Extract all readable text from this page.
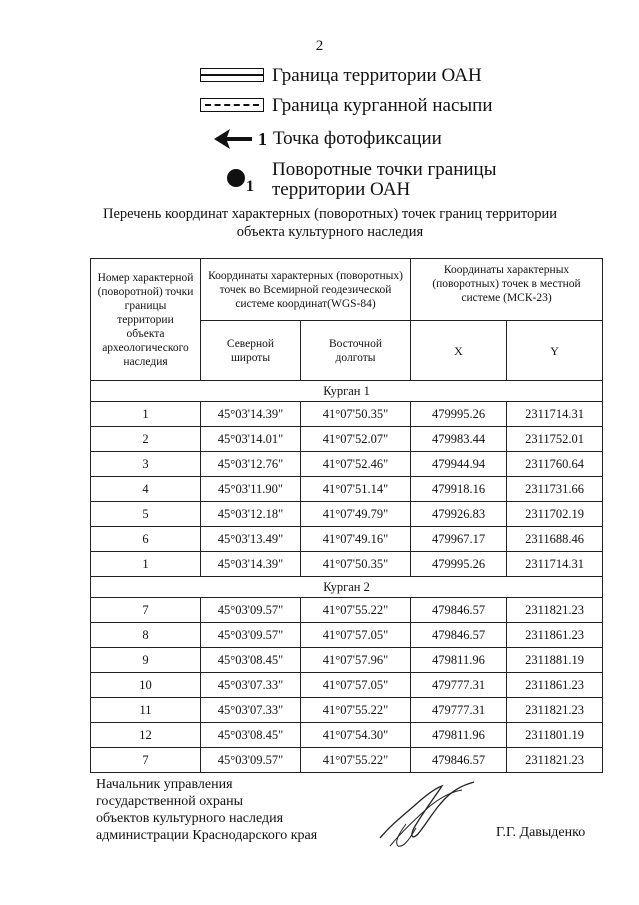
2
Граница территории ОАН
Граница курганной насыпи
1 Точка фотофиксации
1
Поворотные точки границы
территории ОАН
Перечень координат характерных (поворотных) точек границ территории
объекта культурного наследия
Номер характерной (поворотной) точки границы территории объекта археологического наследия	Координаты характерных (поворотных) точек во Всемирной геодезической системе координат(WGS-84)		Координаты характерных (поворотных) точек в местной системе (МСК-23)	
	Северной широты	Восточной долготы	X	Y
Курган 1				
1	45°03'14.39"	41°07'50.35"	479995.26	2311714.31
2	45°03'14.01"	41°07'52.07"	479983.44	2311752.01
3	45°03'12.76"	41°07'52.46"	479944.94	2311760.64
4	45°03'11.90"	41°07'51.14"	479918.16	2311731.66
5	45°03'12.18"	41°07'49.79"	479926.83	2311702.19
6	45°03'13.49"	41°07'49.16"	479967.17	2311688.46
1	45°03'14.39"	41°07'50.35"	479995.26	2311714.31
Курган 2				
7	45°03'09.57"	41°07'55.22"	479846.57	2311821.23
8	45°03'09.57"	41°07'57.05"	479846.57	2311861.23
9	45°03'08.45"	41°07'57.96"	479811.96	2311881.19
10	45°03'07.33"	41°07'57.05"	479777.31	2311861.23
11	45°03'07.33"	41°07'55.22"	479777.31	2311821.23
12	45°03'08.45"	41°07'54.30"	479811.96	2311801.19
7	45°03'09.57"	41°07'55.22"	479846.57	2311821.23
Начальник управления
государственной охраны
объектов культурного наследия
администрации Краснодарского края	Г.Г. Давыденко
